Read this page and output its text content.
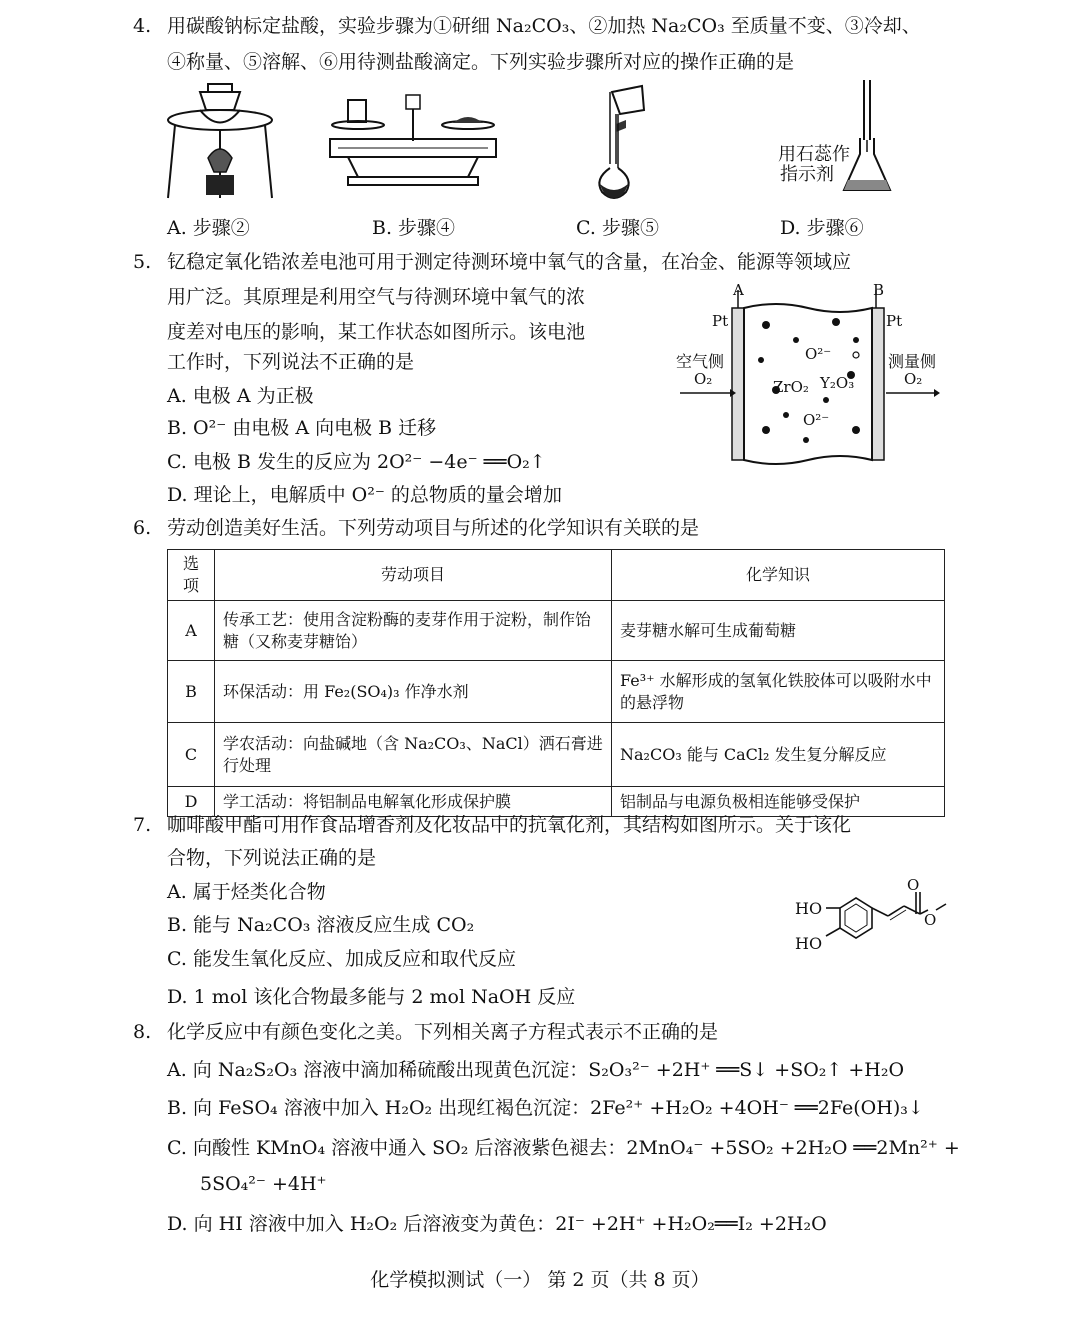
4. 用碳酸钠标定盐酸，实验步骤为①研细 Na₂CO₃、②加热 Na₂CO₃ 至质量不变、③冷却、
④称量、⑤溶解、⑥用待测盐酸滴定。下列实验步骤所对应的操作正确的是
用石蕊作
指示剂
A. 步骤②	B. 步骤④	C. 步骤⑤	D. 步骤⑥
5. 钇稳定氧化锆浓差电池可用于测定待测环境中氧气的含量，在冶金、能源等领域应
用广泛。其原理是利用空气与待测环境中氧气的浓
度差对电压的影响，某工作状态如图所示。该电池
工作时，下列说法不正确的是
A. 电极 A 为正极
B. O²⁻ 由电极 A 向电极 B 迁移
C. 电极 B 发生的反应为 2O²⁻ −4e⁻ ══O₂↑
D. 理论上，电解质中 O²⁻ 的总物质的量会增加
A	B
Pt	Pt
空气侧	测量侧
O₂	O₂
O²⁻
ZrO₂ Y₂O₃
O²⁻
6. 劳动创造美好生活。下列劳动项目与所述的化学知识有关联的是
选项	劳动项目	化学知识
A	传承工艺：使用含淀粉酶的麦芽作用于淀粉，制作饴糖（又称麦芽糖饴）	麦芽糖水解可生成葡萄糖
B	环保活动：用 Fe₂(SO₄)₃ 作净水剂	Fe³⁺ 水解形成的氢氧化铁胶体可以吸附水中的悬浮物
C	学农活动：向盐碱地（含 Na₂CO₃、NaCl）洒石膏进行处理	Na₂CO₃ 能与 CaCl₂ 发生复分解反应
D	学工活动：将铝制品电解氧化形成保护膜	铝制品与电源负极相连能够受保护
7. 咖啡酸甲酯可用作食品增香剂及化妆品中的抗氧化剂，其结构如图所示。关于该化
合物，下列说法正确的是
A. 属于烃类化合物
B. 能与 Na₂CO₃ 溶液反应生成 CO₂
C. 能发生氧化反应、加成反应和取代反应
D. 1 mol 该化合物最多能与 2 mol NaOH 反应
HO
HO
O
O
8. 化学反应中有颜色变化之美。下列相关离子方程式表示不正确的是
A. 向 Na₂S₂O₃ 溶液中滴加稀硫酸出现黄色沉淀：S₂O₃²⁻ +2H⁺ ══S↓ +SO₂↑ +H₂O
B. 向 FeSO₄ 溶液中加入 H₂O₂ 出现红褐色沉淀：2Fe²⁺ +H₂O₂ +4OH⁻ ══2Fe(OH)₃↓
C. 向酸性 KMnO₄ 溶液中通入 SO₂ 后溶液紫色褪去：2MnO₄⁻ +5SO₂ +2H₂O ══2Mn²⁺ +
5SO₄²⁻ +4H⁺
D. 向 HI 溶液中加入 H₂O₂ 后溶液变为黄色：2I⁻ +2H⁺ +H₂O₂══I₂ +2H₂O
化学模拟测试（一） 第 2 页（共 8 页）
